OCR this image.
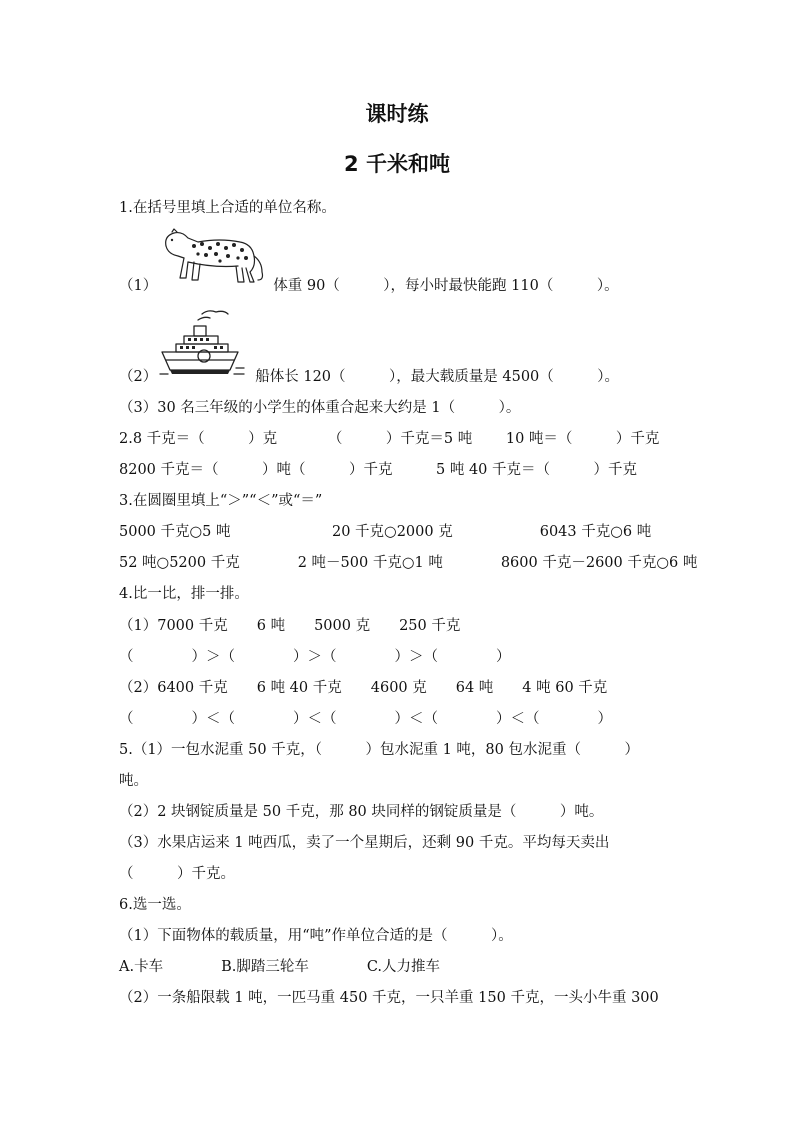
课时练
2 千米和吨

1.在括号里填上合适的单位名称。

（1）	体重 90（　　　），每小时最快能跑 110（　　　）。

（2）	船体长 120（　　　），最大载质量是 4500（　　　）。

（3）30 名三年级的小学生的体重合起来大约是 1（　　　）。

2.8 千克＝（　　　）克　　　　（　　　）千克＝5 吨　　 10 吨＝（　　　）千克

8200 千克＝（　　　）吨（　　　）千克　　　5 吨 40 千克＝（　　　）千克

3.在圆圈里填上“＞”“＜”或“＝”

5000 千克○5 吨　　　　　　　20 千克○2000 克　　　　　　6043 千克○6 吨

52 吨○5200 千克　　　　2 吨－500 千克○1 吨　　　　8600 千克－2600 千克○6 吨

4.比一比，排一排。

（1）7000 千克　　6 吨　　5000 克　　250 千克

（　　　　）＞（　　　　）＞（　　　　）＞（　　　　）

（2）6400 千克　　6 吨 40 千克　　4600 克　　64 吨　　4 吨 60 千克

（　　　　）＜（　　　　）＜（　　　　）＜（　　　　）＜（　　　　）

5.（1）一包水泥重 50 千克，（　　　）包水泥重 1 吨，80 包水泥重（　　　）

吨。

（2）2 块钢锭质量是 50 千克，那 80 块同样的钢锭质量是（　　　）吨。

（3）水果店运来 1 吨西瓜，卖了一个星期后，还剩 90 千克。平均每天卖出

（　　　）千克。

6.选一选。

（1）下面物体的载质量，用“吨”作单位合适的是（　　　）。

A.卡车　　　　B.脚踏三轮车　　　　C.人力推车

（2）一条船限载 1 吨，一匹马重 450 千克，一只羊重 150 千克，一头小牛重 300
